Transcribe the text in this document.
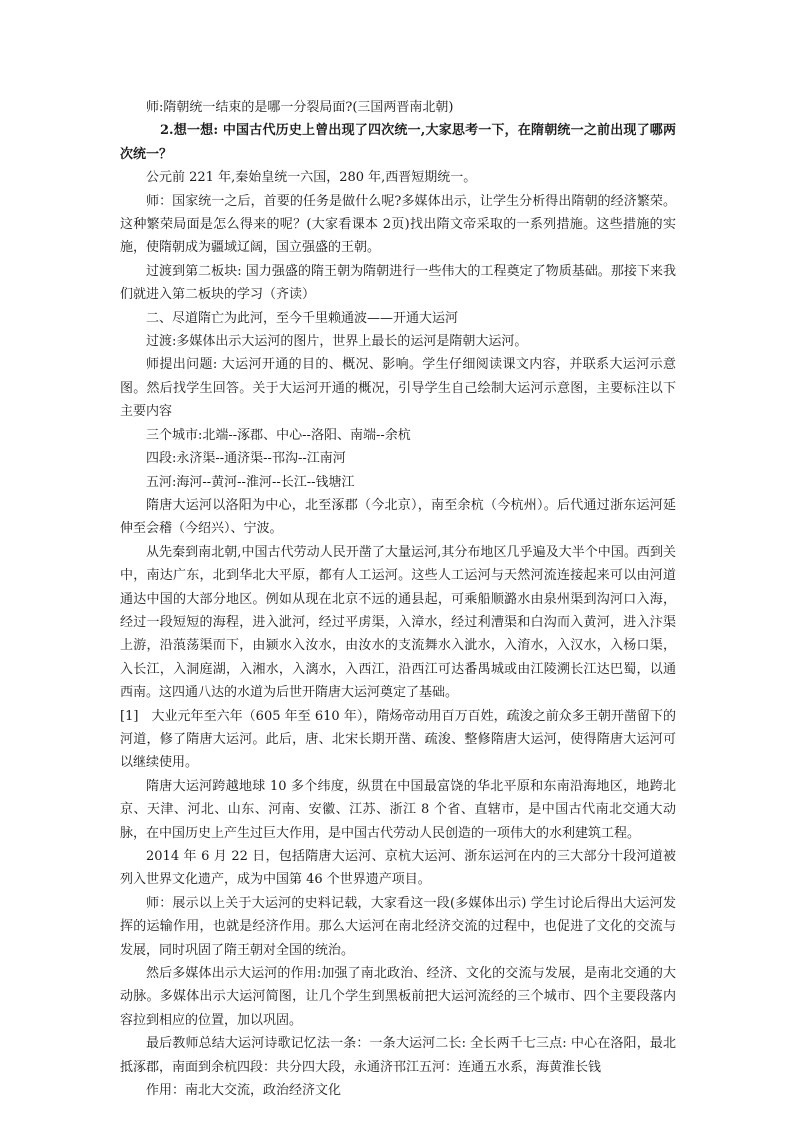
师:隋朝统一结束的是哪一分裂局面?(三国两晋南北朝)

2.想一想: 中国古代历史上曾出现了四次统一,大家思考一下，在隋朝统一之前出现了哪两次统一？

公元前 221 年,秦始皇统一六国，280 年,西晋短期统一。

师：国家统一之后，首要的任务是做什么呢?多媒体出示，让学生分析得出隋朝的经济繁荣。这种繁荣局面是怎么得来的呢？(大家看课本 2页)找出隋文帝采取的一系列措施。这些措施的实施，使隋朝成为疆域辽阔，国立强盛的王朝。

过渡到第二板块: 国力强盛的隋王朝为隋朝进行一些伟大的工程奠定了物质基础。那接下来我们就进入第二板块的学习（齐读）

二、尽道隋亡为此河，至今千里赖通波——开通大运河

过渡:多媒体出示大运河的图片，世界上最长的运河是隋朝大运河。

师提出问题: 大运河开通的目的、概况、影响。学生仔细阅读课文内容，并联系大运河示意图。然后找学生回答。关于大运河开通的概况，引导学生自己绘制大运河示意图，主要标注以下主要内容

三个城市:北端--涿郡、中心--洛阳、南端--余杭

四段:永济渠--通济渠--邗沟--江南河

五河:海河--黄河--淮河--长江--钱塘江

隋唐大运河以洛阳为中心，北至涿郡（今北京），南至余杭（今杭州）。后代通过浙东运河延伸至会稽（今绍兴）、宁波。

从先秦到南北朝,中国古代劳动人民开凿了大量运河,其分布地区几乎遍及大半个中国。西到关中，南达广东，北到华北大平原，都有人工运河。这些人工运河与天然河流连接起来可以由河道通达中国的大部分地区。例如从现在北京不远的通县起，可乘船顺潞水由泉州渠到沟河口入海，经过一段短短的海程，进入泚河，经过平虏渠，入漳水，经过利漕渠和白沟而入黄河，进入汴渠上游，沿蒗荡渠而下，由颍水入汝水，由汝水的支流舞水入泚水，入淯水，入汉水，入杨口渠，入长江，入洞庭湖，入湘水，入漓水，入西江，沿西江可达番禺城或由江陵溯长江达巴蜀，以通西南。这四通八达的水道为后世开隋唐大运河奠定了基础。

[1]　大业元年至六年（605 年至 610 年），隋炀帝动用百万百姓，疏浚之前众多王朝开凿留下的河道，修了隋唐大运河。此后，唐、北宋长期开凿、疏浚、整修隋唐大运河，使得隋唐大运河可以继续使用。

隋唐大运河跨越地球 10 多个纬度，纵贯在中国最富饶的华北平原和东南沿海地区，地跨北京、天津、河北、山东、河南、安徽、江苏、浙江 8 个省、直辖市，是中国古代南北交通大动脉，在中国历史上产生过巨大作用，是中国古代劳动人民创造的一项伟大的水利建筑工程。

2014 年 6 月 22 日，包括隋唐大运河、京杭大运河、浙东运河在内的三大部分十段河道被列入世界文化遗产，成为中国第 46 个世界遗产项目。

师：展示以上关于大运河的史料记载，大家看这一段(多媒体出示) 学生讨论后得出大运河发挥的运输作用，也就是经济作用。那么大运河在南北经济交流的过程中，也促进了文化的交流与发展，同时巩固了隋王朝对全国的统治。

然后多媒体出示大运河的作用:加强了南北政治、经济、文化的交流与发展，是南北交通的大动脉。多媒体出示大运河简图，让几个学生到黑板前把大运河流经的三个城市、四个主要段落内容拉到相应的位置，加以巩固。

最后教师总结大运河诗歌记忆法一条：一条大运河二长: 全长两千七三点: 中心在洛阳，最北抵涿郡，南面到余杭四段：共分四大段，永通济邗江五河：连通五水系，海黄淮长钱

作用：南北大交流，政治经济文化
